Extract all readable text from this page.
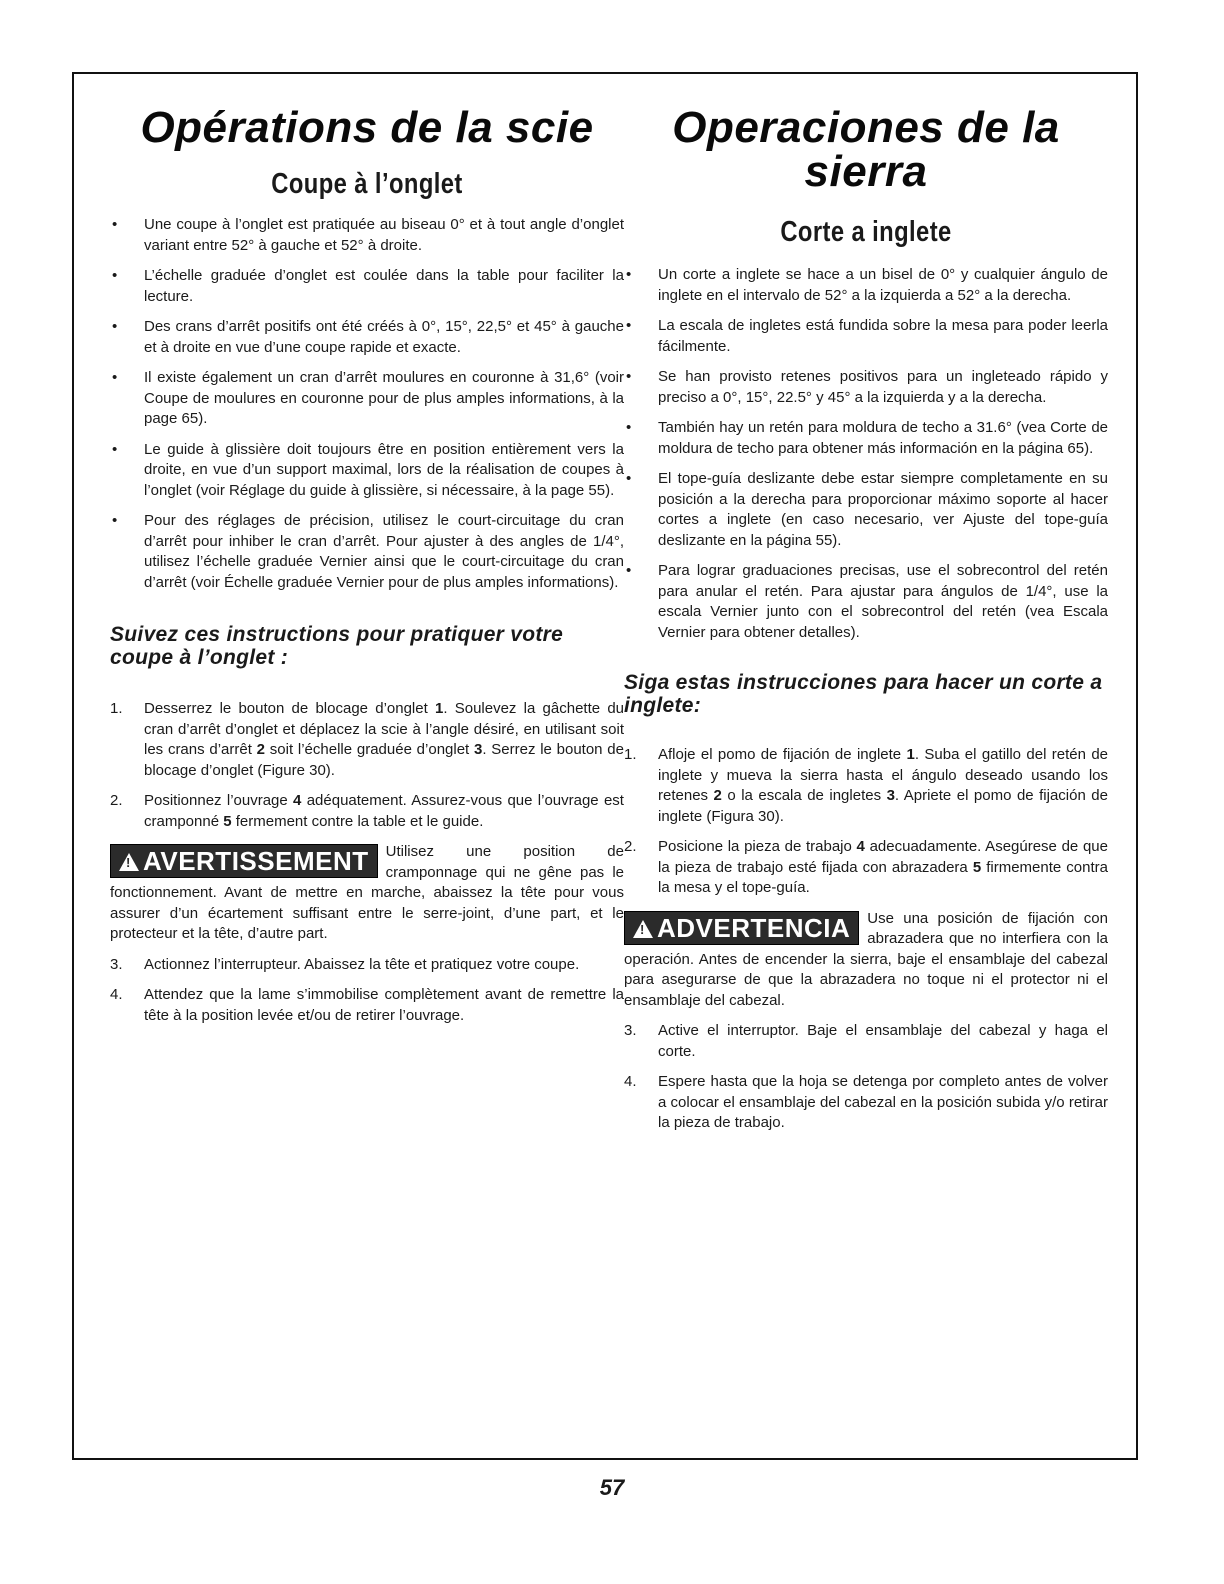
Opérations de la scie
Coupe à l’onglet
• Une coupe à l’onglet est pratiquée au biseau 0° et à tout angle d’onglet variant entre 52° à gauche et 52° à droite.
• L’échelle graduée d’onglet est coulée dans la table pour faciliter la lecture.
• Des crans d’arrêt positifs ont été créés à 0°, 15°, 22,5° et 45° à gauche et à droite en vue d’une coupe rapide et exacte.
• Il existe également un cran d’arrêt moulures en couronne à 31,6° (voir Coupe de moulures en couronne pour de plus amples informations, à la page 65).
• Le guide à glissière doit toujours être en position entièrement vers la droite, en vue d’un support maximal, lors de la réalisation de coupes à l’onglet (voir Réglage du guide à glissière, si nécessaire, à la page 55).
• Pour des réglages de précision, utilisez le court-circuitage du cran d’arrêt pour inhiber le cran d’arrêt. Pour ajuster à des angles de 1/4°, utilisez l’échelle graduée Vernier ainsi que le court-circuitage du cran d’arrêt (voir Échelle graduée Vernier pour de plus amples informations).
Suivez ces instructions pour pratiquer votre coupe à l’onglet :
1. Desserrez le bouton de blocage d’onglet 1. Soulevez la gâchette du cran d’arrêt d’onglet et déplacez la scie à l’angle désiré, en utilisant soit les crans d’arrêt 2 soit l’échelle graduée d’onglet 3. Serrez le bouton de blocage d’onglet (Figure 30).
2. Positionnez l’ouvrage 4 adéquatement. Assurez-vous que l’ouvrage est cramponné 5 fermement contre la table et le guide.
!AVERTISSEMENT	Utilisez une position de cramponnage qui ne gêne pas le fonctionnement. Avant de mettre en marche, abaissez la tête pour vous assurer d’un écartement suffisant entre le serre-joint, d’une part, et le protecteur et la tête, d’autre part.
3. Actionnez l’interrupteur. Abaissez la tête et pratiquez votre coupe.
4. Attendez que la lame s’immobilise complètement avant de remettre la tête à la position levée et/ou de retirer l’ouvrage.
Operaciones de la
sierra
Corte a inglete
• Un corte a inglete se hace a un bisel de 0° y cualquier ángulo de inglete en el intervalo de 52° a la izquierda a 52° a la derecha.
• La escala de ingletes está fundida sobre la mesa para poder leerla fácilmente.
• Se han provisto retenes positivos para un ingleteado rápido y preciso a 0°, 15°, 22.5° y 45° a la izquierda y a la derecha.
• También hay un retén para moldura de techo a 31.6° (vea Corte de moldura de techo para obtener más información en la página 65).
• El tope-guía deslizante debe estar siempre completamente en su posición a la derecha para proporcionar máximo soporte al hacer cortes a inglete (en caso necesario, ver Ajuste del tope-guía deslizante en la página 55).
• Para lograr graduaciones precisas, use el sobrecontrol del retén para anular el retén. Para ajustar para ángulos de 1/4°, use la escala Vernier junto con el sobrecontrol del retén (vea Escala Vernier para obtener detalles).
Siga estas instrucciones para hacer un corte a inglete:
1. Afloje el pomo de fijación de inglete 1. Suba el gatillo del retén de inglete y mueva la sierra hasta el ángulo deseado usando los retenes 2 o la escala de ingletes 3. Apriete el pomo de fijación de inglete (Figura 30).
2. Posicione la pieza de trabajo 4 adecuadamente. Asegúrese de que la pieza de trabajo esté fijada con abrazadera 5 firmemente contra la mesa y el tope-guía.
!ADVERTENCIA	Use una posición de fijación con abrazadera que no interfiera con la operación. Antes de encender la sierra, baje el ensamblaje del cabezal para asegurarse de que la abrazadera no toque ni el protector ni el ensamblaje del cabezal.
3. Active el interruptor. Baje el ensamblaje del cabezal y haga el corte.
4. Espere hasta que la hoja se detenga por completo antes de volver a colocar el ensamblaje del cabezal en la posición subida y/o retirar la pieza de trabajo.
57
